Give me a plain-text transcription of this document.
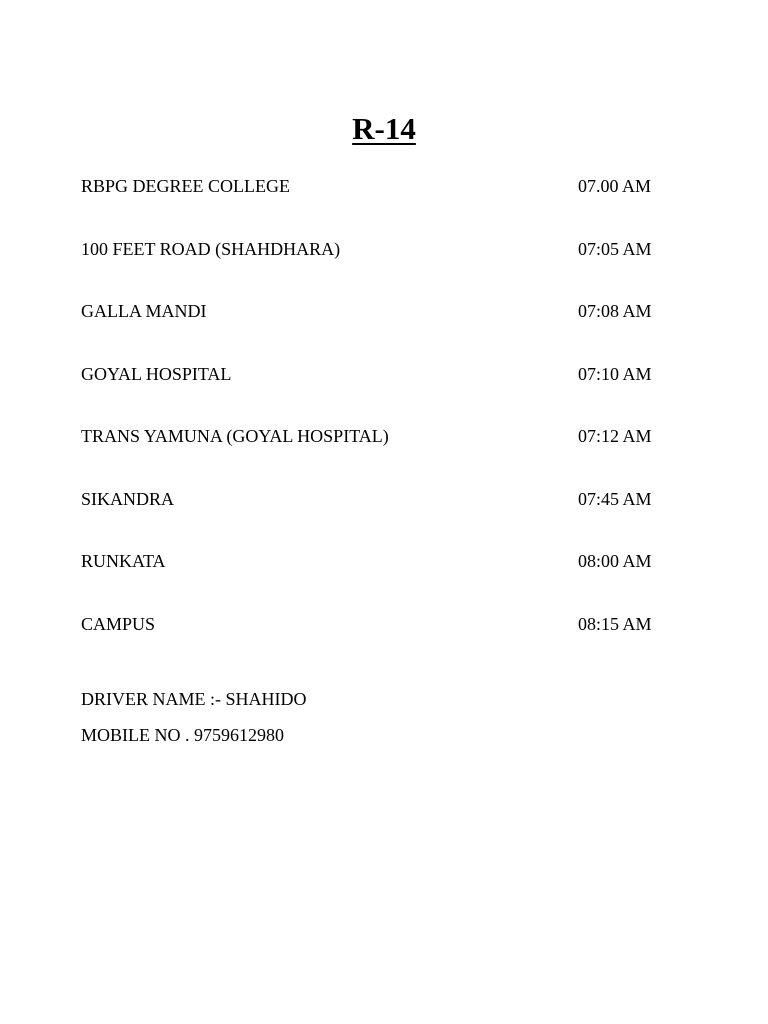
R-14
RBPG DEGREE COLLEGE	07.00 AM
100 FEET ROAD (SHAHDHARA)	07:05 AM
GALLA MANDI	07:08 AM
GOYAL HOSPITAL	07:10 AM
TRANS YAMUNA (GOYAL HOSPITAL)	07:12 AM
SIKANDRA	07:45 AM
RUNKATA	08:00 AM
CAMPUS	08:15 AM
DRIVER NAME :- SHAHIDO
MOBILE NO . 9759612980
